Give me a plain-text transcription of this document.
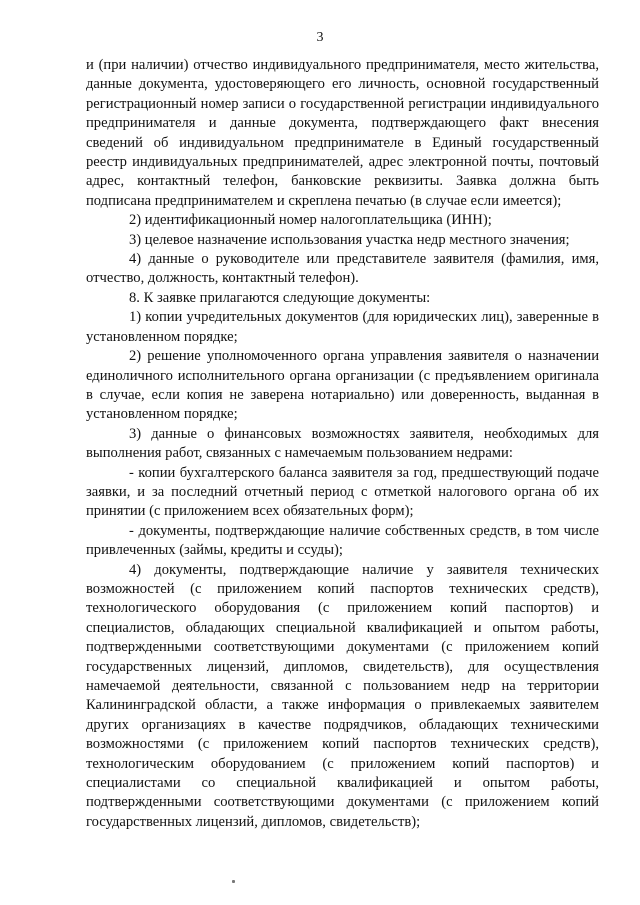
3

и (при наличии) отчество индивидуального предпринимателя, место жительства, данные документа, удостоверяющего его личность, основной государственный регистрационный номер записи о государственной регистрации индивидуального предпринимателя и данные документа, подтверждающего факт внесения сведений об индивидуальном предпринимателе в Единый государственный реестр индивидуальных предпринимателей, адрес электронной почты, почтовый адрес, контактный телефон, банковские реквизиты. Заявка должна быть подписана предпринимателем и скреплена печатью (в случае если имеется);

2) идентификационный номер налогоплательщика (ИНН);

3) целевое назначение использования участка недр местного значения;

4) данные о руководителе или представителе заявителя (фамилия, имя, отчество, должность, контактный телефон).

8. К заявке прилагаются следующие документы:

1) копии учредительных документов (для юридических лиц), заверенные в установленном порядке;

2) решение уполномоченного органа управления заявителя о назначении единоличного исполнительного органа организации (с предъявлением оригинала в случае, если копия не заверена нотариально) или доверенность, выданная в установленном порядке;

3) данные о финансовых возможностях заявителя, необходимых для выполнения работ, связанных с намечаемым пользованием недрами:

- копии бухгалтерского баланса заявителя за год, предшествующий подаче заявки, и за последний отчетный период с отметкой налогового органа об их принятии (с приложением всех обязательных форм);

- документы, подтверждающие наличие собственных средств, в том числе привлеченных (займы, кредиты и ссуды);

4) документы, подтверждающие наличие у заявителя технических возможностей (с приложением копий паспортов технических средств), технологического оборудования (с приложением копий паспортов) и специалистов, обладающих специальной квалификацией и опытом работы, подтвержденными соответствующими документами (с приложением копий государственных лицензий, дипломов, свидетельств), для осуществления намечаемой деятельности, связанной с пользованием недр на территории Калининградской области, а также информация о привлекаемых заявителем других организациях в качестве подрядчиков, обладающих техническими возможностями (с приложением копий паспортов технических средств), технологическим оборудованием (с приложением копий паспортов) и специалистами со специальной квалификацией и опытом работы, подтвержденными соответствующими документами (с приложением копий государственных лицензий, дипломов, свидетельств);
